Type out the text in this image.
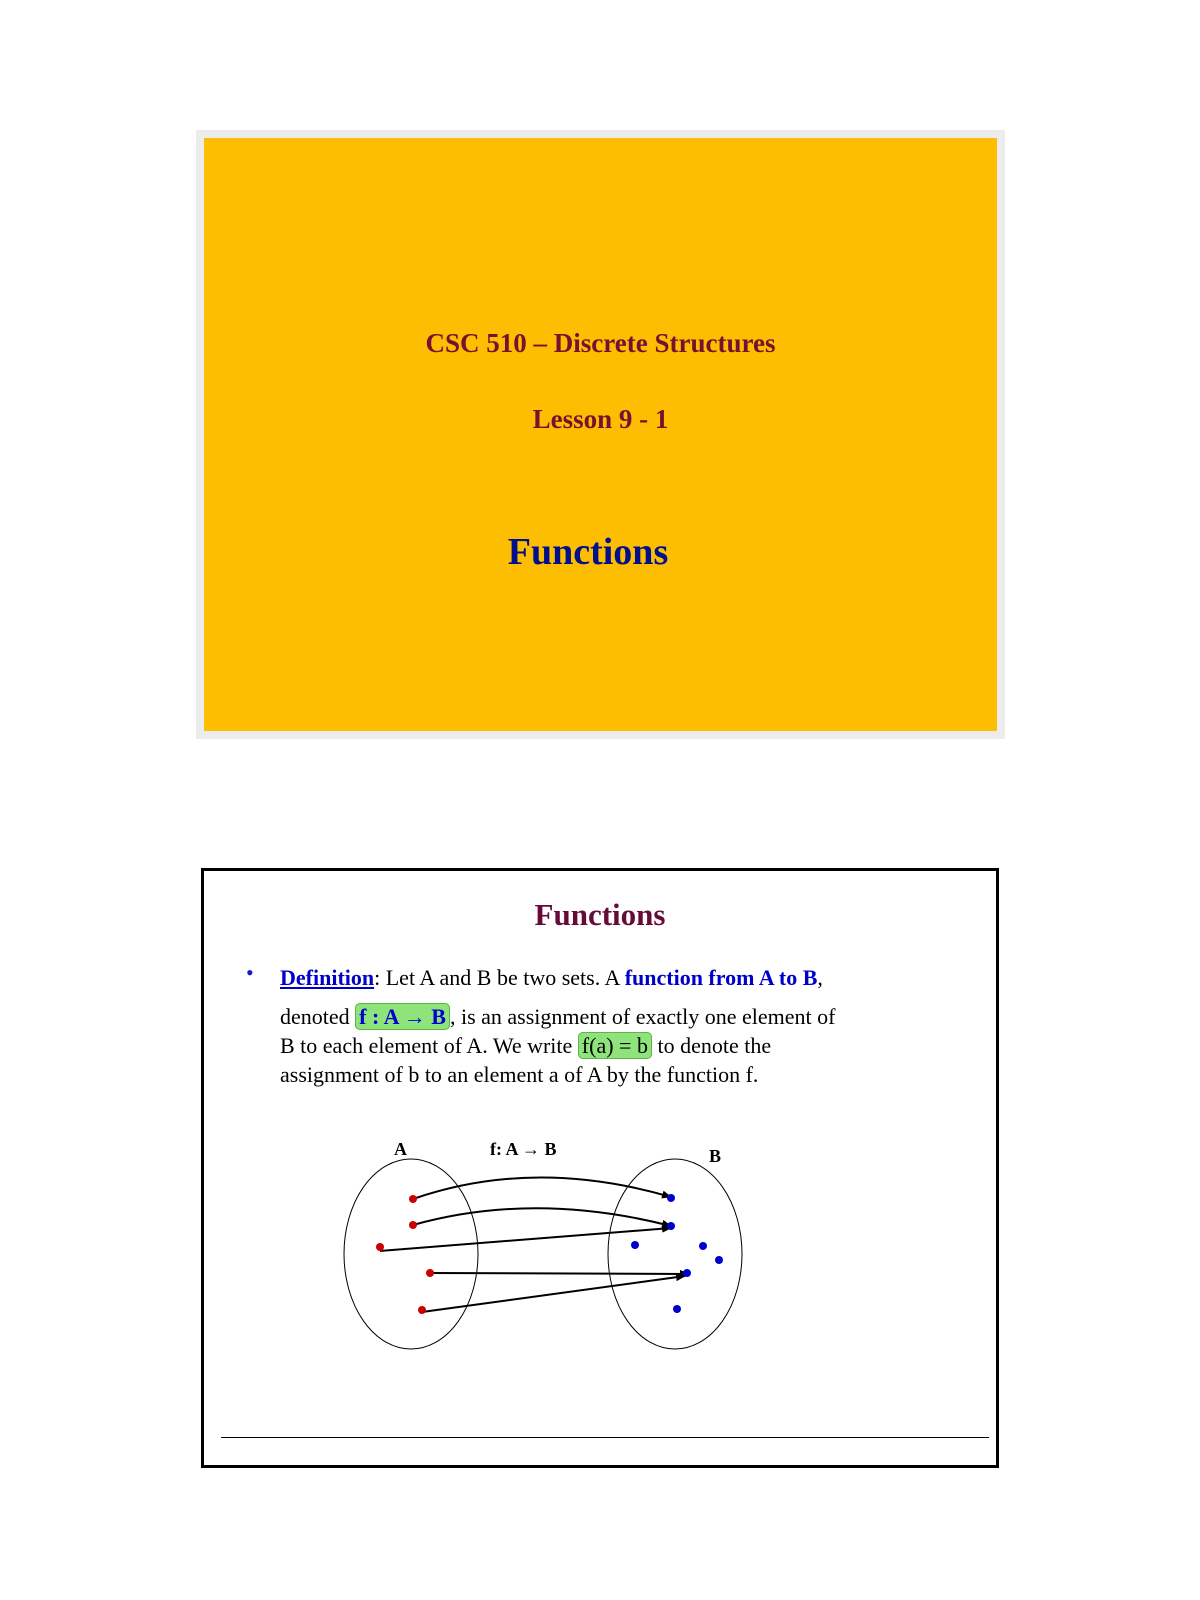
CSC 510 – Discrete Structures
Lesson 9 - 1
Functions
Functions
• Definition: Let A and B be two sets. A function from A to B,
denoted f : A → B , is an assignment of exactly one element of
B to each element of A. We write f(a) = b to denote the
assignment of b to an element a of A by the function f.
A	f: A → B	B
